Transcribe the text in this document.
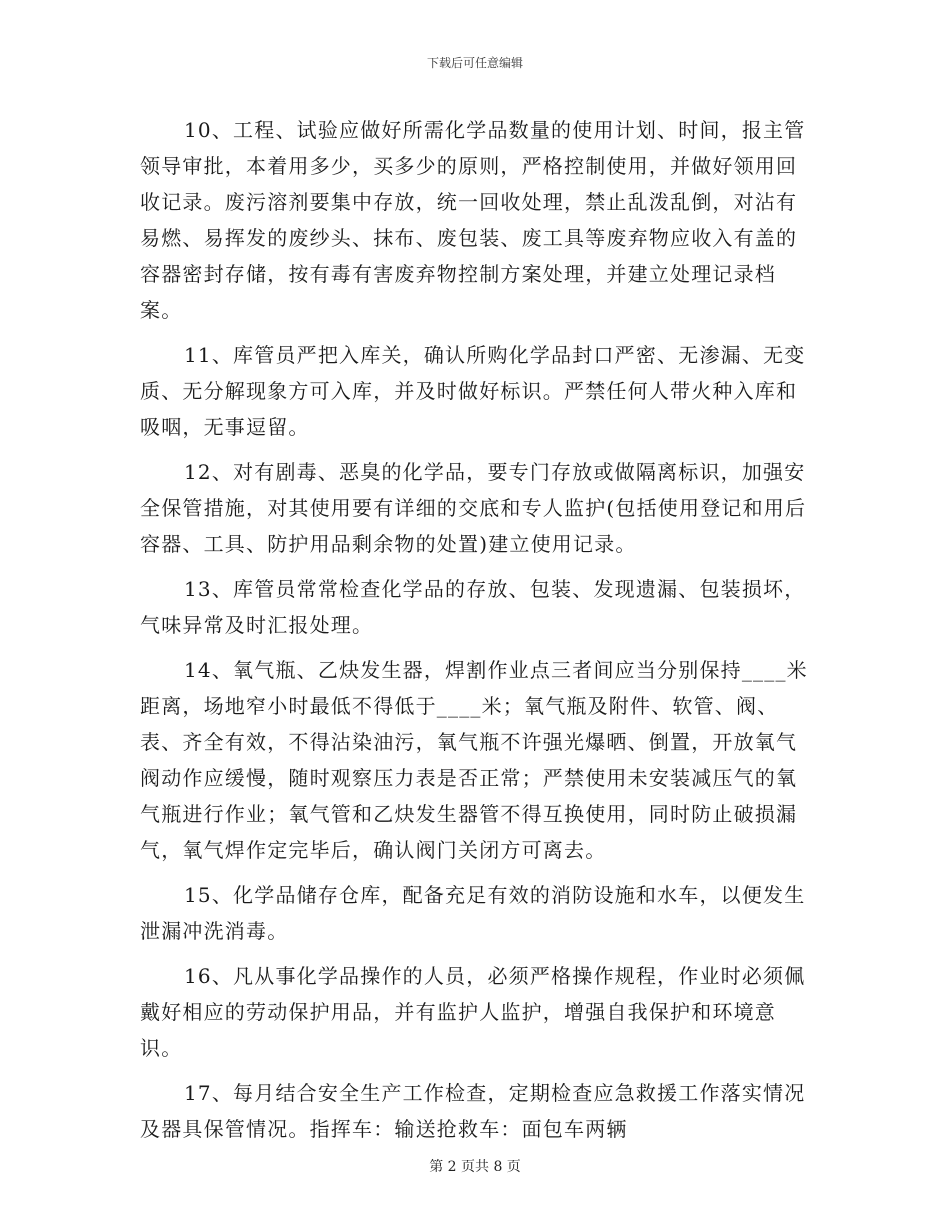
下载后可任意编辑

10、工程、试验应做好所需化学品数量的使用计划、时间，报主管领导审批，本着用多少，买多少的原则，严格控制使用，并做好领用回收记录。废污溶剂要集中存放，统一回收处理，禁止乱泼乱倒，对沾有易燃、易挥发的废纱头、抹布、废包装、废工具等废弃物应收入有盖的容器密封存储，按有毒有害废弃物控制方案处理，并建立处理记录档案。

11、库管员严把入库关，确认所购化学品封口严密、无渗漏、无变质、无分解现象方可入库，并及时做好标识。严禁任何人带火种入库和吸咽，无事逗留。

12、对有剧毒、恶臭的化学品，要专门存放或做隔离标识，加强安全保管措施，对其使用要有详细的交底和专人监护(包括使用登记和用后容器、工具、防护用品剩余物的处置)建立使用记录。

13、库管员常常检查化学品的存放、包装、发现遗漏、包装损坏，气味异常及时汇报处理。

14、氧气瓶、乙炔发生器，焊割作业点三者间应当分别保持____米距离，场地窄小时最低不得低于____米；氧气瓶及附件、软管、阀、表、齐全有效，不得沾染油污，氧气瓶不许强光爆晒、倒置，开放氧气阀动作应缓慢，随时观察压力表是否正常；严禁使用未安装减压气的氧气瓶进行作业；氧气管和乙炔发生器管不得互换使用，同时防止破损漏气，氧气焊作定完毕后，确认阀门关闭方可离去。

15、化学品储存仓库，配备充足有效的消防设施和水车，以便发生泄漏冲洗消毒。

16、凡从事化学品操作的人员，必须严格操作规程，作业时必须佩戴好相应的劳动保护用品，并有监护人监护，增强自我保护和环境意识。

17、每月结合安全生产工作检查，定期检查应急救援工作落实情况及器具保管情况。指挥车：输送抢救车：面包车两辆

第 2 页共 8 页
